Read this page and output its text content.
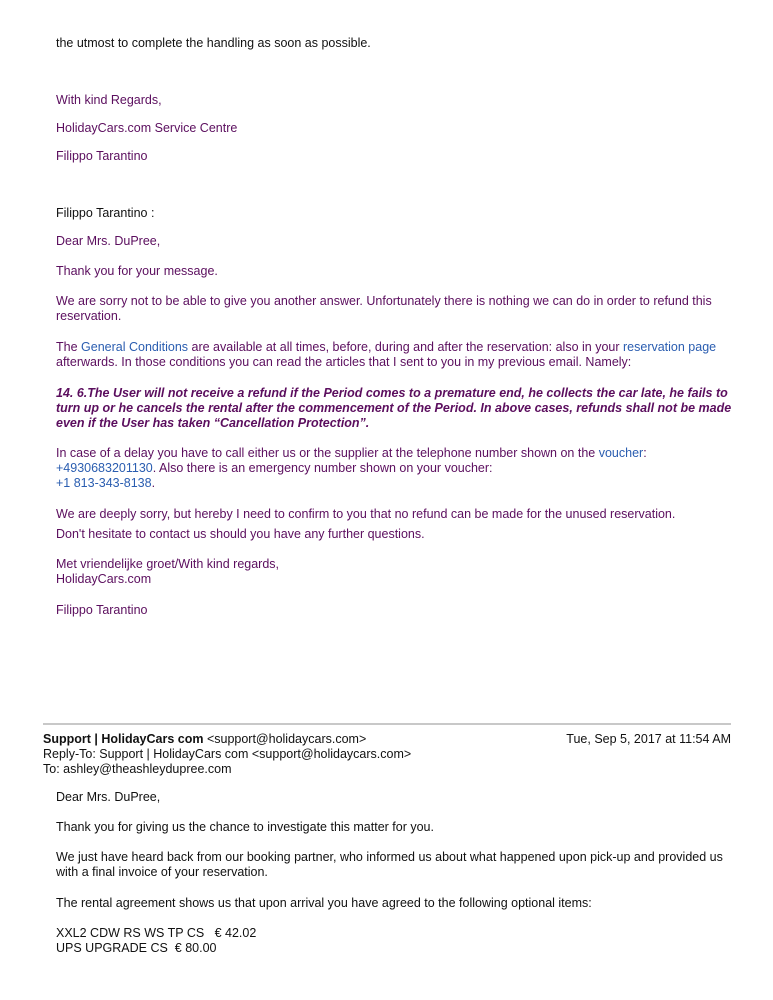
the utmost to complete the handling as soon as possible.

With kind Regards,

HolidayCars.com Service Centre

Filippo Tarantino

Filippo Tarantino :

Dear Mrs. DuPree,

Thank you for your message.

We are sorry not to be able to give you another answer. Unfortunately there is nothing we can do in order to refund this reservation.

The General Conditions are available at all times, before, during and after the reservation: also in your reservation page afterwards. In those conditions you can read the articles that I sent to you in my previous email. Namely:

14. 6.The User will not receive a refund if the Period comes to a premature end, he collects the car late, he fails to turn up or he cancels the rental after the commencement of the Period. In above cases, refunds shall not be made even if the User has taken “Cancellation Protection”.

In case of a delay you have to call either us or the supplier at the telephone number shown on the voucher:
+4930683201130. Also there is an emergency number shown on your voucher:
+1 813-343-8138.

We are deeply sorry, but hereby I need to confirm to you that no refund can be made for the unused reservation.

Don't hesitate to contact us should you have any further questions.

Met vriendelijke groet/With kind regards,
HolidayCars.com

Filippo Tarantino

Support | HolidayCars com <support@holidaycars.com>	Tue, Sep 5, 2017 at 11:54 AM
Reply-To: Support | HolidayCars com <support@holidaycars.com>
To: ashley@theashleydupree.com

Dear Mrs. DuPree,

Thank you for giving us the chance to investigate this matter for you.

We just have heard back from our booking partner, who informed us about what happened upon pick-up and provided us with a final invoice of your reservation.

The rental agreement shows us that upon arrival you have agreed to the following optional items:

XXL2 CDW RS WS TP CS   € 42.02
UPS UPGRADE CS  € 80.00
